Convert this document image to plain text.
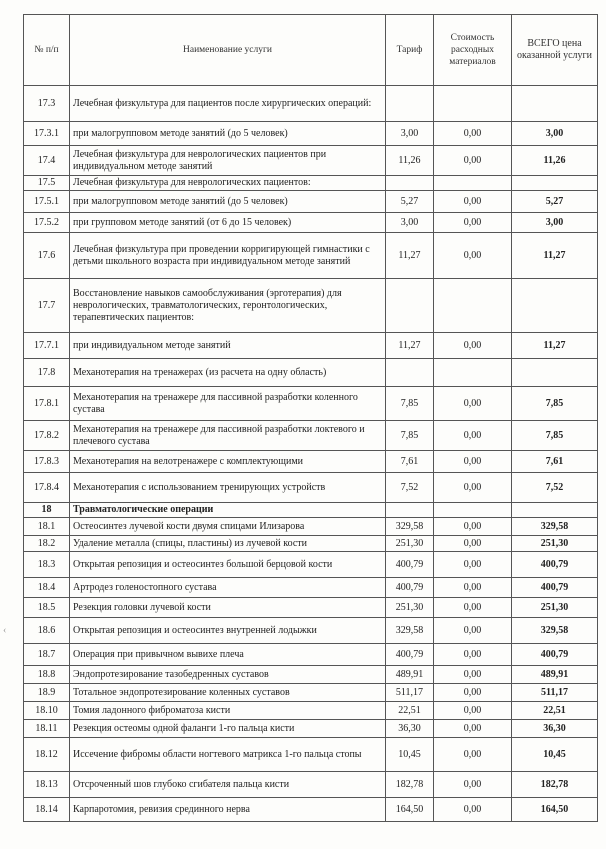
№ п/п	Наименование услуги	Тариф	Стоимость расходных материалов	ВСЕГО цена оказанной услуги
17.3	Лечебная физкультура для пациентов после хирургических операций:			
17.3.1	при малогрупповом методе занятий (до 5 человек)	3,00	0,00	3,00
17.4	Лечебная физкультура для неврологических пациентов при индивидуальном методе занятий	11,26	0,00	11,26
17.5	Лечебная физкультура для неврологических пациентов:			
17.5.1	при малогрупповом методе занятий (до 5 человек)	5,27	0,00	5,27
17.5.2	при групповом методе занятий (от 6 до 15 человек)	3,00	0,00	3,00
17.6	Лечебная физкультура при проведении корригирующей гимнастики с детьми школьного возраста при индивидуальном методе занятий	11,27	0,00	11,27
17.7	Восстановление навыков самообслуживания (эрготерапия) для неврологических, травматологических, геронтологических, терапевтических пациентов:			
17.7.1	при индивидуальном методе занятий	11,27	0,00	11,27
17.8	Механотерапия на тренажерах (из расчета на одну область)			
17.8.1	Механотерапия на тренажере для пассивной разработки коленного сустава	7,85	0,00	7,85
17.8.2	Механотерапия на тренажере для пассивной разработки локтевого и плечевого сустава	7,85	0,00	7,85
17.8.3	Механотерапия на велотренажере с комплектующими	7,61	0,00	7,61
17.8.4	Механотерапия с использованием тренирующих устройств	7,52	0,00	7,52
18	Травматологические операции			
18.1	Остеосинтез лучевой кости двумя спицами Илизарова	329,58	0,00	329,58
18.2	Удаление металла (спицы, пластины) из лучевой кости	251,30	0,00	251,30
18.3	Открытая репозиция и остеосинтез большой берцовой кости	400,79	0,00	400,79
18.4	Артродез голеностопного сустава	400,79	0,00	400,79
18.5	Резекция головки лучевой кости	251,30	0,00	251,30
18.6	Открытая репозиция и остеосинтез внутренней лодыжки	329,58	0,00	329,58
18.7	Операция при привычном вывихе плеча	400,79	0,00	400,79
18.8	Эндопротезирование тазобедренных суставов	489,91	0,00	489,91
18.9	Тотальное эндопротезирование коленных суставов	511,17	0,00	511,17
18.10	Томия ладонного фиброматоза кисти	22,51	0,00	22,51
18.11	Резекция остеомы одной фаланги 1-го пальца кисти	36,30	0,00	36,30
18.12	Иссечение фибромы области ногтевого матрикса 1-го пальца стопы	10,45	0,00	10,45
18.13	Отсроченный шов глубоко сгибателя пальца кисти	182,78	0,00	182,78
18.14	Карпаротомия, ревизия срединного нерва	164,50	0,00	164,50
‹
